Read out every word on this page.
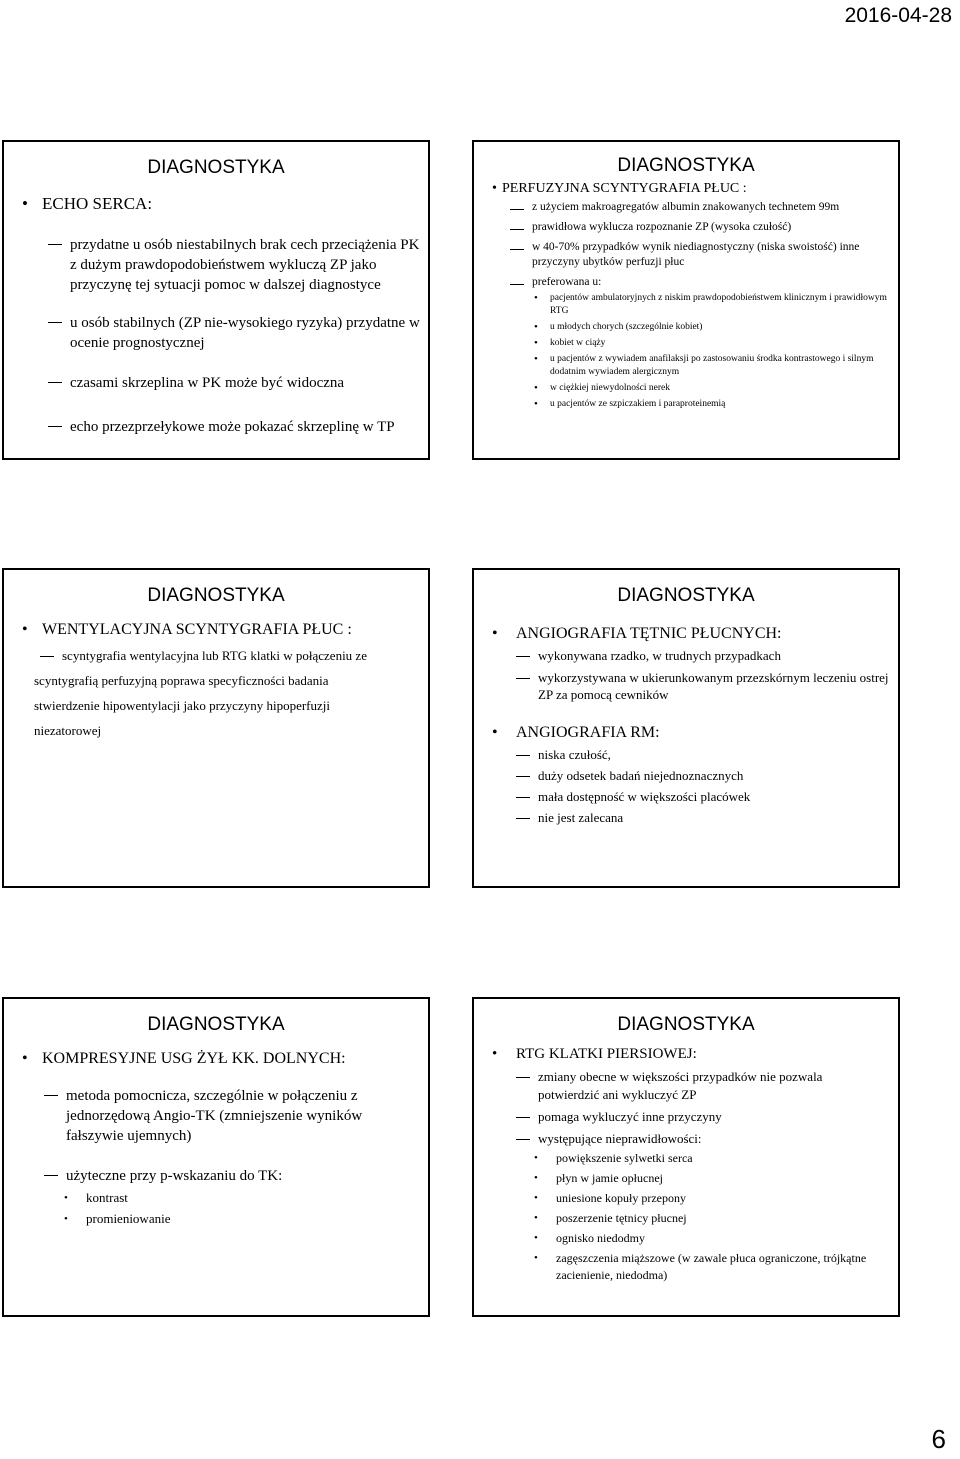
2016-04-28
DIAGNOSTYKA
• ECHO SERCA:
przydatne u osób niestabilnych brak cech przeciążenia PK z dużym prawdopodobieństwem wykluczą ZP jako przyczynę tej sytuacji pomoc w dalszej diagnostyce
u osób stabilnych (ZP nie-wysokiego ryzyka) przydatne w ocenie prognostycznej
czasami skrzeplina w PK może być widoczna
echo przezprzełykowe może pokazać skrzeplinę w TP
DIAGNOSTYKA
• PERFUZYJNA SCYNTYGRAFIA PŁUC :
z użyciem makroagregatów albumin znakowanych technetem 99m
prawidłowa wyklucza rozpoznanie ZP (wysoka czułość)
w 40-70% przypadków wynik niediagnostyczny (niska swoistość) inne przyczyny ubytków perfuzji płuc
preferowana u:
• pacjentów ambulatoryjnych z niskim prawdopodobieństwem klinicznym i prawidłowym RTG
• u młodych chorych (szczególnie kobiet)
• kobiet w ciąży
• u pacjentów z wywiadem anafilaksji po zastosowaniu środka kontrastowego i silnym dodatnim wywiadem alergicznym
• w ciężkiej niewydolności nerek
• u pacjentów ze szpiczakiem i paraproteinemią
DIAGNOSTYKA
• WENTYLACYJNA SCYNTYGRAFIA PŁUC :
scyntygrafia wentylacyjna lub RTG klatki w połączeniu ze
scyntygrafią perfuzyjną poprawa specyficzności badania
stwierdzenie hipowentylacji jako przyczyny hipoperfuzji
niezatorowej
DIAGNOSTYKA
• ANGIOGRAFIA TĘTNIC PŁUCNYCH:
wykonywana rzadko, w trudnych przypadkach
wykorzystywana w ukierunkowanym przezskórnym leczeniu ostrej ZP za pomocą cewników
• ANGIOGRAFIA RM:
niska czułość,
duży odsetek badań niejednoznacznych
mała dostępność w większości placówek
nie jest zalecana
DIAGNOSTYKA
• KOMPRESYJNE USG ŻYŁ KK. DOLNYCH:
metoda pomocnicza, szczególnie w połączeniu z jednorzędową Angio-TK (zmniejszenie wyników fałszywie ujemnych)
użyteczne przy p-wskazaniu do TK:
• kontrast
• promieniowanie
DIAGNOSTYKA
• RTG KLATKI PIERSIOWEJ:
zmiany obecne w większości przypadków nie pozwala potwierdzić ani wykluczyć ZP
pomaga wykluczyć inne przyczyny
występujące nieprawidłowości:
• powiększenie sylwetki serca
• płyn w jamie opłucnej
• uniesione kopuły przepony
• poszerzenie tętnicy płucnej
• ognisko niedodmy
• zagęszczenia miąższowe (w zawale płuca ograniczone, trójkątne zacienienie, niedodma)
6
